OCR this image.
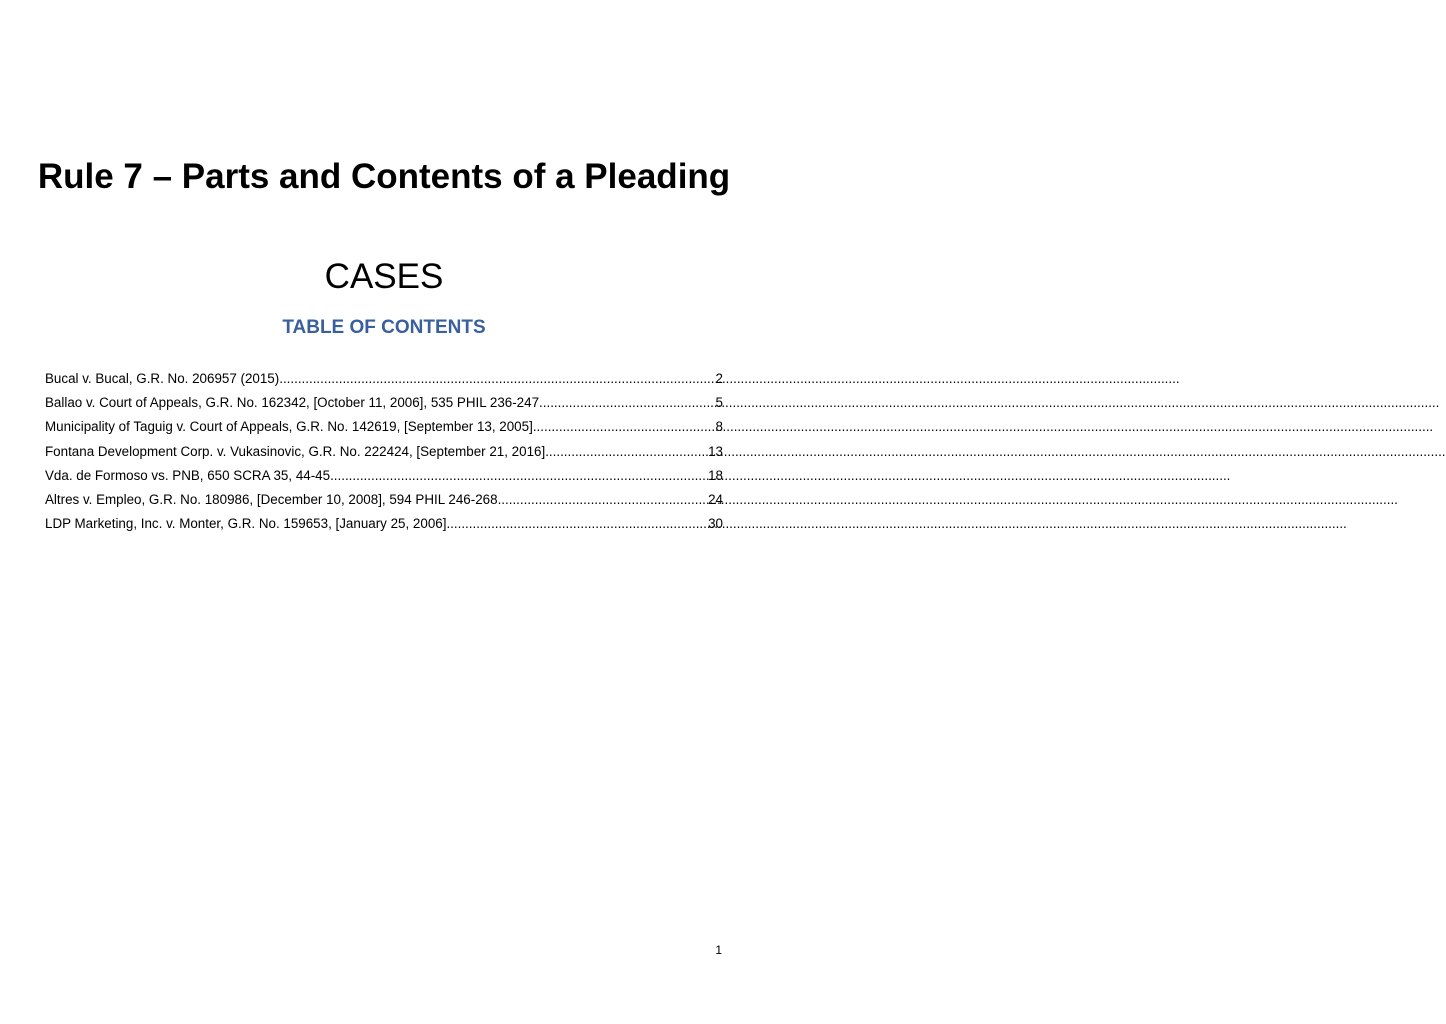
Rule 7 – Parts and Contents of a Pleading
CASES
TABLE OF CONTENTS
Bucal v. Bucal, G.R. No. 206957 (2015) .....	2
Ballao v. Court of Appeals, G.R. No. 162342, [October 11, 2006], 535 PHIL 236-247 .....	5
Municipality of Taguig v. Court of Appeals, G.R. No. 142619, [September 13, 2005] .....	8
Fontana Development Corp. v. Vukasinovic, G.R. No. 222424, [September 21, 2016] .....	13
Vda. de Formoso vs. PNB, 650 SCRA 35, 44-45 .....	18
Altres v. Empleo, G.R. No. 180986, [December 10, 2008], 594 PHIL 246-268 .....	24
LDP Marketing, Inc. v. Monter, G.R. No. 159653, [January 25, 2006] .....	30
1
